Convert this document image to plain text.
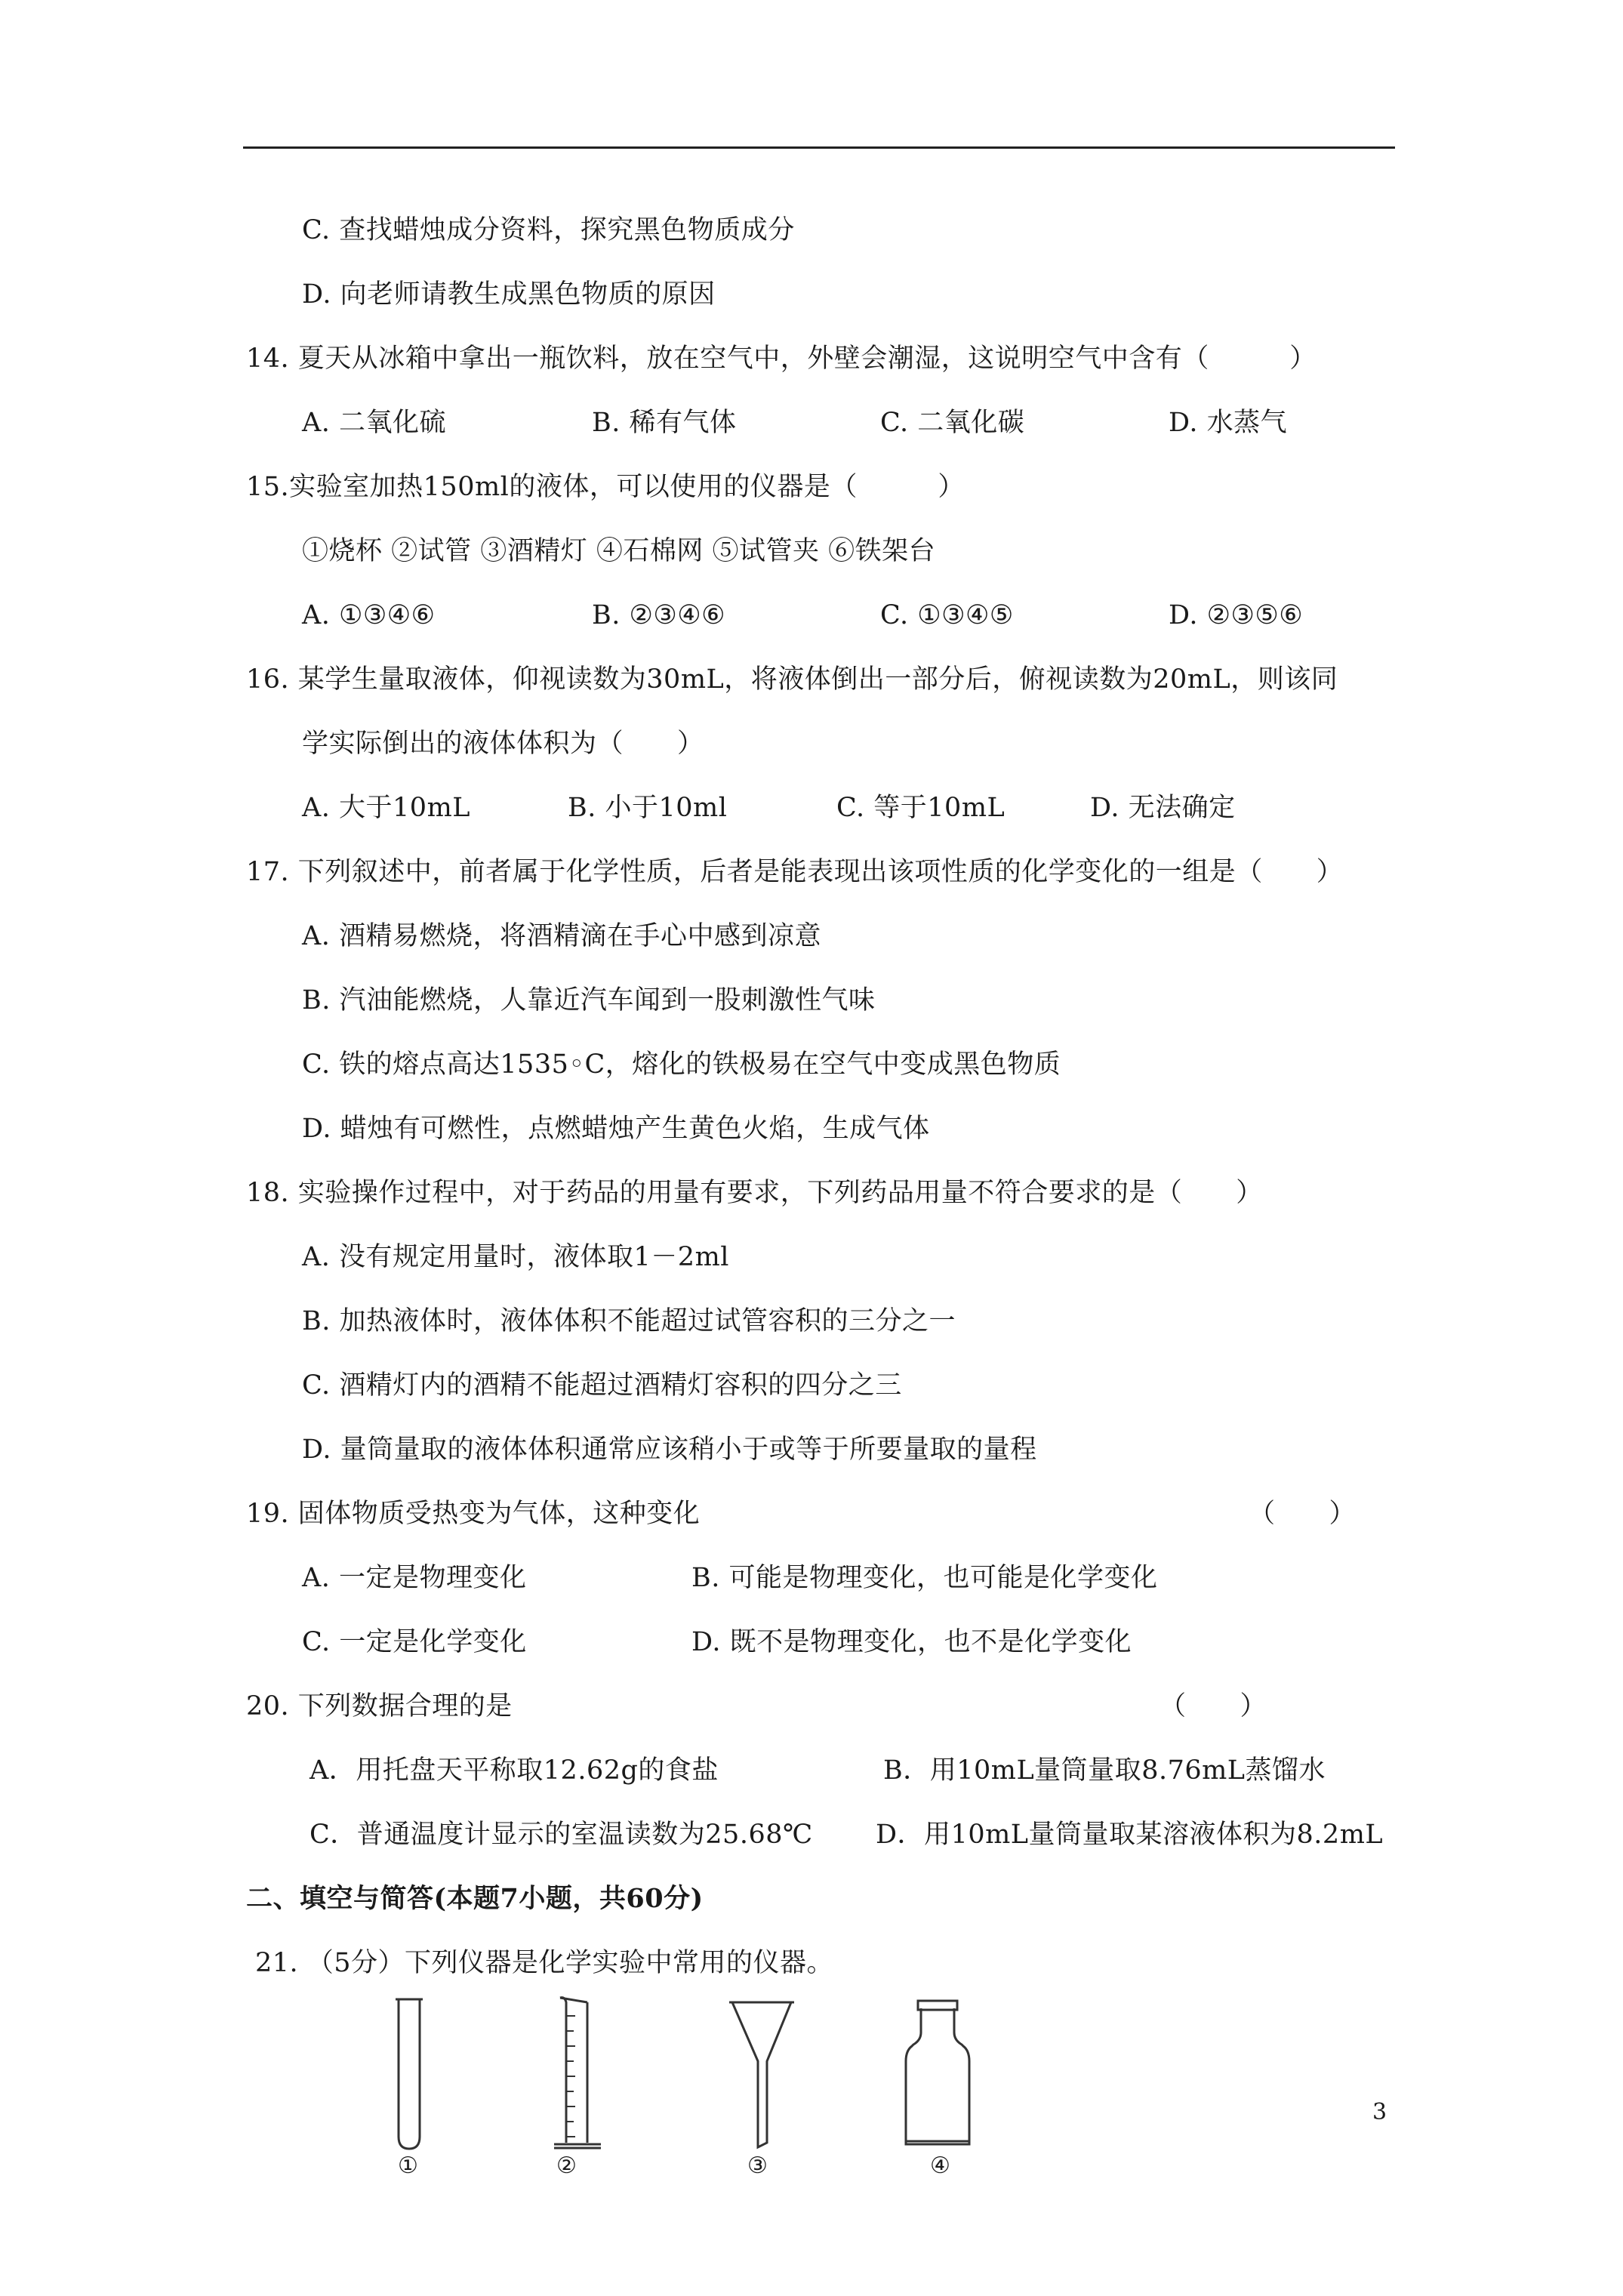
C. 查找蜡烛成分资料，探究黑色物质成分
D. 向老师请教生成黑色物质的原因
14. 夏天从冰箱中拿出一瓶饮料，放在空气中，外壁会潮湿，这说明空气中含有（　　　）
A. 二氧化硫	B. 稀有气体	C. 二氧化碳	D. 水蒸气
15.实验室加热150ml的液体，可以使用的仪器是（　　　）
①烧杯 ②试管 ③酒精灯 ④石棉网 ⑤试管夹 ⑥铁架台
A. ①③④⑥	B. ②③④⑥	C. ①③④⑤	D. ②③⑤⑥
16. 某学生量取液体，仰视读数为30mL，将液体倒出一部分后，俯视读数为20mL，则该同
学实际倒出的液体体积为（　　）
A. 大于10mL	B. 小于10ml	C. 等于10mL	D. 无法确定
17. 下列叙述中，前者属于化学性质，后者是能表现出该项性质的化学变化的一组是（　　）
A. 酒精易燃烧，将酒精滴在手心中感到凉意
B. 汽油能燃烧，人靠近汽车闻到一股刺激性气味
C. 铁的熔点高达1535◦C，熔化的铁极易在空气中变成黑色物质
D. 蜡烛有可燃性，点燃蜡烛产生黄色火焰，生成气体
18. 实验操作过程中，对于药品的用量有要求，下列药品用量不符合要求的是（　　）
A. 没有规定用量时，液体取1－2ml
B. 加热液体时，液体体积不能超过试管容积的三分之一
C. 酒精灯内的酒精不能超过酒精灯容积的四分之三
D. 量筒量取的液体体积通常应该稍小于或等于所要量取的量程
19. 固体物质受热变为气体，这种变化	（　　）
A. 一定是物理变化	B. 可能是物理变化，也可能是化学变化
C. 一定是化学变化	D. 既不是物理变化，也不是化学变化
20. 下列数据合理的是	（　　）
A．用托盘天平称取12.62g的食盐	B．用10mL量筒量取8.76mL蒸馏水
C．普通温度计显示的室温读数为25.68℃ D．用10mL量筒量取某溶液体积为8.2mL
二、填空与简答(本题7小题，共60分)
21. （5分）下列仪器是化学实验中常用的仪器。
①	②	③	④
3
